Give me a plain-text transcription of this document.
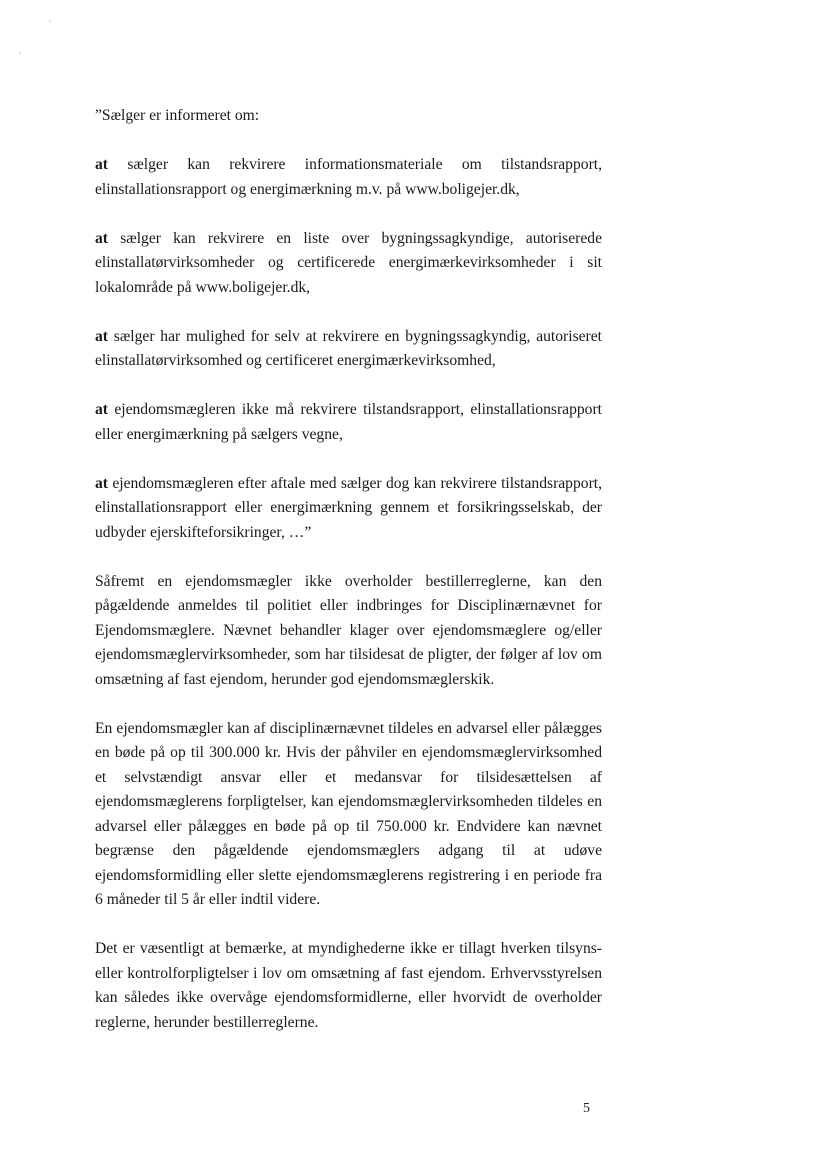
”Sælger er informeret om:

at sælger kan rekvirere informationsmateriale om tilstandsrapport, elinstallationsrapport og energimærkning m.v. på www.boligejer.dk,

at sælger kan rekvirere en liste over bygningssagkyndige, autoriserede elinstallatørvirksomheder og certificerede energimærkevirksomheder i sit lokalområde på www.boligejer.dk,

at sælger har mulighed for selv at rekvirere en bygningssagkyndig, autoriseret elinstallatørvirksomhed og certificeret energimærkevirksomhed,

at ejendomsmægleren ikke må rekvirere tilstandsrapport, elinstallationsrapport eller energimærkning på sælgers vegne,

at ejendomsmægleren efter aftale med sælger dog kan rekvirere tilstandsrapport, elinstallationsrapport eller energimærkning gennem et forsikringsselskab, der udbyder ejerskifteforsikringer, …”

Såfremt en ejendomsmægler ikke overholder bestillerreglerne, kan den pågældende anmeldes til politiet eller indbringes for Disciplinærnævnet for Ejendomsmæglere. Nævnet behandler klager over ejendomsmæglere og/eller ejendomsmæglervirksomheder, som har tilsidesat de pligter, der følger af lov om omsætning af fast ejendom, herunder god ejendomsmæglerskik.

En ejendomsmægler kan af disciplinærnævnet tildeles en advarsel eller pålægges en bøde på op til 300.000 kr. Hvis der påhviler en ejendomsmæglervirksomhed et selvstændigt ansvar eller et medansvar for tilsidesættelsen af ejendomsmæglerens forpligtelser, kan ejendomsmæglervirksomheden tildeles en advarsel eller pålægges en bøde på op til 750.000 kr. Endvidere kan nævnet begrænse den pågældende ejendomsmæglers adgang til at udøve ejendomsformidling eller slette ejendomsmæglerens registrering i en periode fra 6 måneder til 5 år eller indtil videre.

Det er væsentligt at bemærke, at myndighederne ikke er tillagt hverken tilsyns- eller kontrolforpligtelser i lov om omsætning af fast ejendom. Erhvervsstyrelsen kan således ikke overvåge ejendomsformidlerne, eller hvorvidt de overholder reglerne, herunder bestillerreglerne.

5
